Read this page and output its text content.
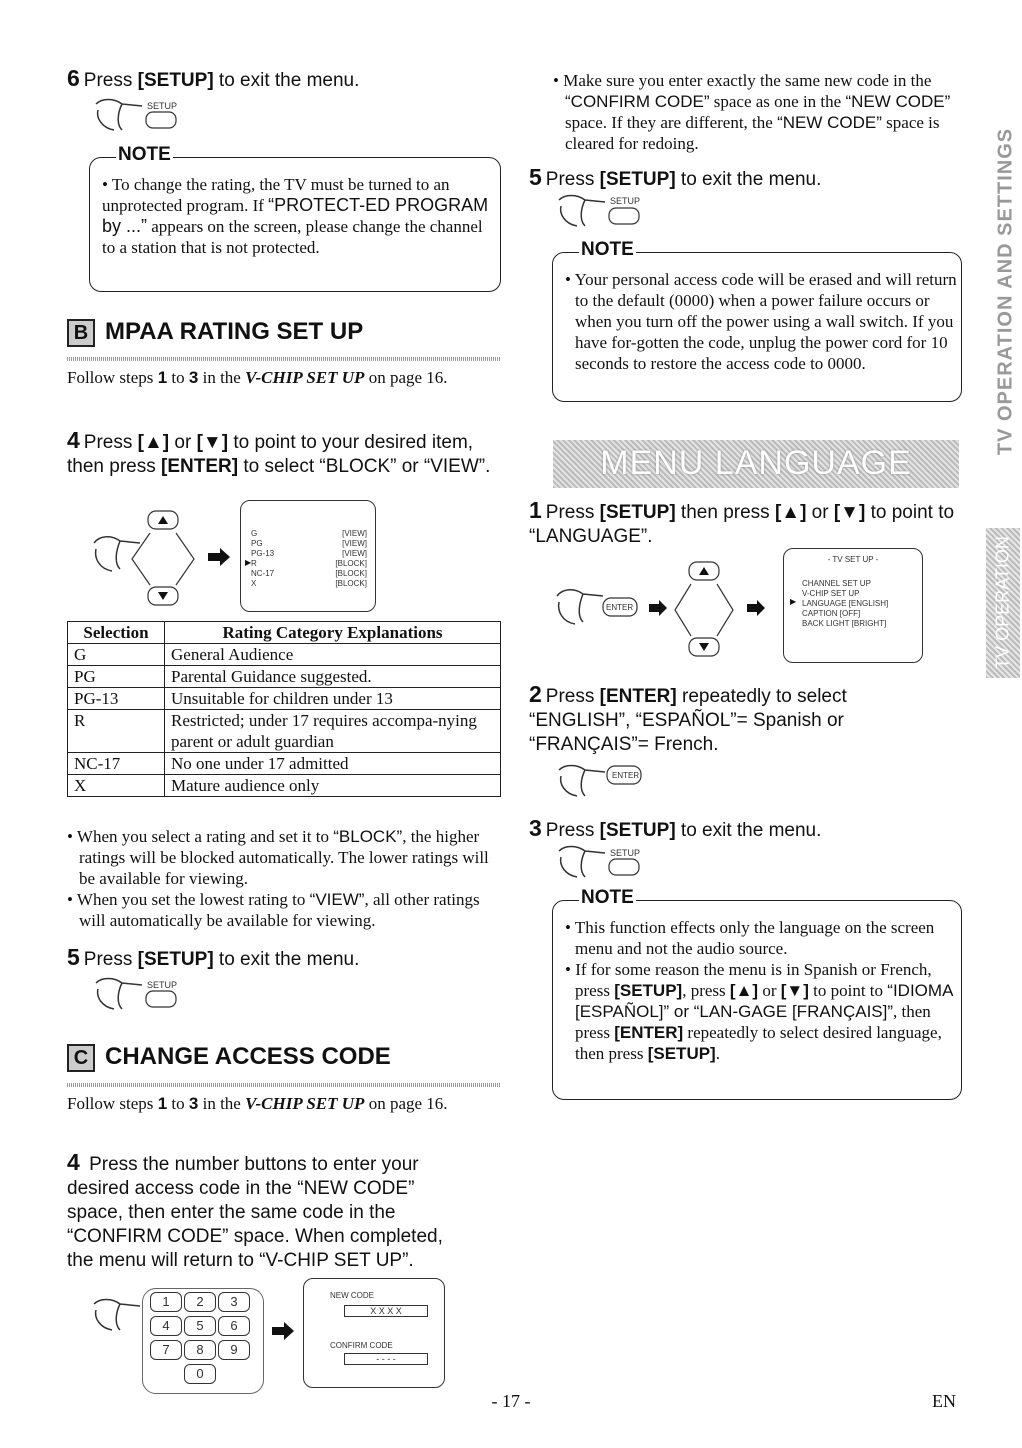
6 Press [SETUP] to exit the menu.
SETUP
NOTE
• To change the rating, the TV must be turned to an unprotected program. If “PROTECT-ED PROGRAM by ...” appears on the screen, please change the channel to a station that is not protected.
B MPAA RATING SET UP
Follow steps 1 to 3 in the V-CHIP SET UP on page 16.
4 Press [▲] or [▼] to point to your desired item, then press [ENTER] to select “BLOCK” or “VIEW”.
G	[VIEW]
PG	[VIEW]
PG-13	[VIEW]
R	[BLOCK]
NC-17	[BLOCK]
X	[BLOCK]
▶
Selection	Rating Category Explanations
G	General Audience
PG	Parental Guidance suggested.
PG-13	Unsuitable for children under 13
R	Restricted; under 17 requires accompa-nying parent or adult guardian
NC-17	No one under 17 admitted
X	Mature audience only
• When you select a rating and set it to “BLOCK”, the higher ratings will be blocked automatically. The lower ratings will be available for viewing.
• When you set the lowest rating to “VIEW”, all other ratings will automatically be available for viewing.
5 Press [SETUP] to exit the menu.
SETUP
C CHANGE ACCESS CODE
Follow steps 1 to 3 in the V-CHIP SET UP on page 16.
4 Press the number buttons to enter your desired access code in the “NEW CODE” space, then enter the same code in the “CONFIRM CODE” space. When completed, the menu will return to “V-CHIP SET UP”.
1	2	3
4	5	6
7	8	9
0
NEW CODE
X X X X
CONFIRM CODE
- - - -
• Make sure you enter exactly the same new code in the “CONFIRM CODE” space as one in the “NEW CODE” space. If they are different, the “NEW CODE” space is cleared for redoing.
5 Press [SETUP] to exit the menu.
SETUP
NOTE
• Your personal access code will be erased and will return to the default (0000) when a power failure occurs or when you turn off the power using a wall switch. If you have for-gotten the code, unplug the power cord for 10 seconds to restore the access code to 0000.
MENU LANGUAGE
1 Press [SETUP] then press [▲] or [▼] to point to “LANGUAGE”.
ENTER
- TV SET UP -
CHANNEL SET UP
V-CHIP SET UP
LANGUAGE [ENGLISH]
CAPTION [OFF]
BACK LIGHT [BRIGHT]
▶
2 Press [ENTER] repeatedly to select “ENGLISH”, “ESPAÑOL”= Spanish or “FRANÇAIS”= French.
ENTER
3 Press [SETUP] to exit the menu.
SETUP
NOTE
• This function effects only the language on the screen menu and not the audio source.
• If for some reason the menu is in Spanish or French, press [SETUP], press [▲] or [▼] to point to “IDIOMA [ESPAÑOL]” or “LAN-GAGE [FRANÇAIS]”, then press [ENTER] repeatedly to select desired language, then press [SETUP].
TV OPERATION AND SETTINGS
TV OPERATION
- 17 -	EN
